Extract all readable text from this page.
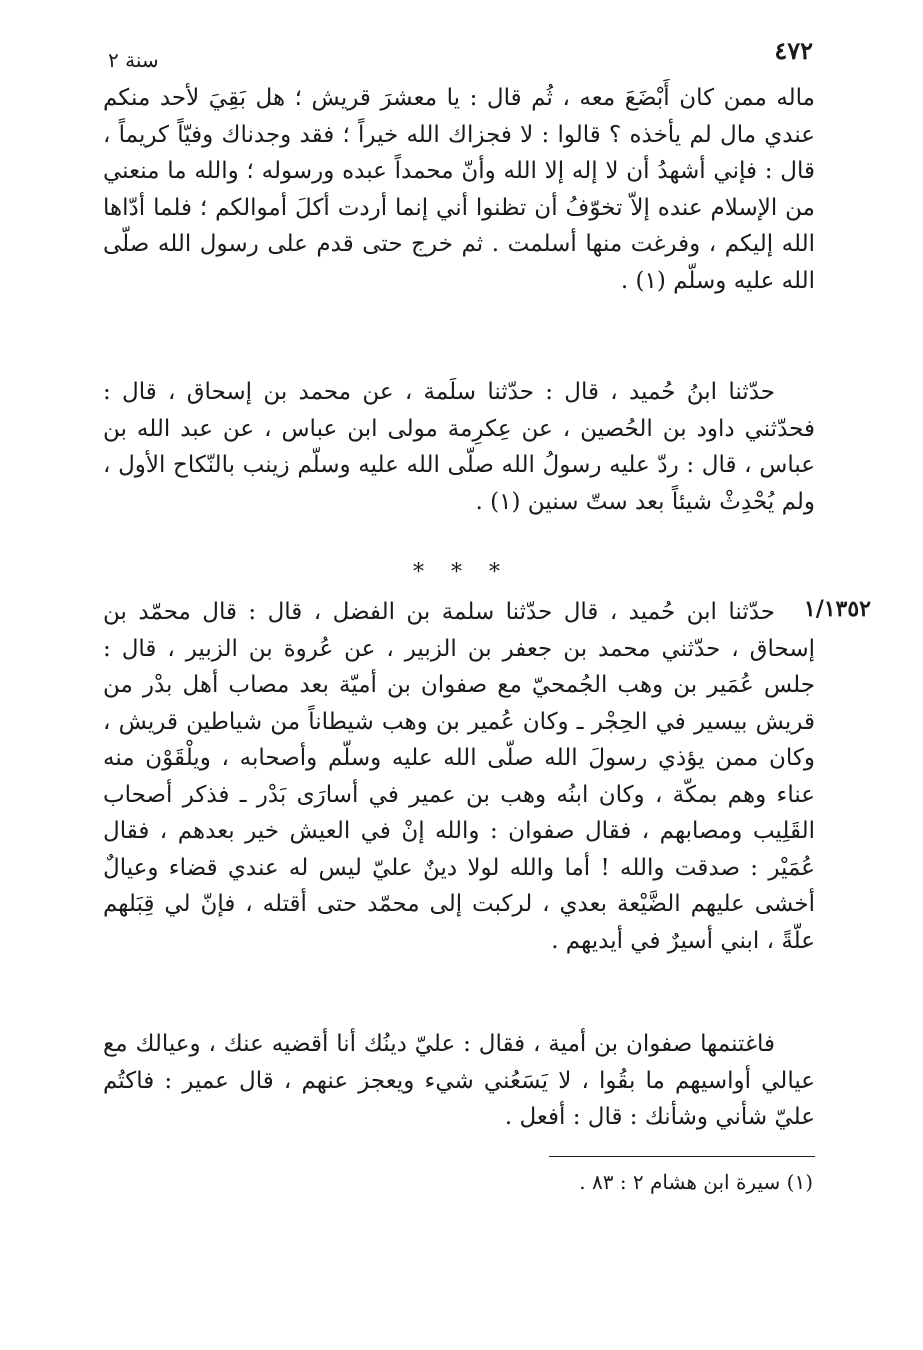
٤٧٢
سنة ٢

ماله ممن كان أَبْضَعَ معه ، ثُم قال : يا معشرَ قريش ؛ هل بَقِيَ لأحد منكم عندي مال لم يأخذه ؟ قالوا : لا فجزاك الله خيراً ؛ فقد وجدناك وفيّاً كريماً ، قال : فإني أشهدُ أن لا إله إلا الله وأنّ محمداً عبده ورسوله ؛ والله ما منعني من الإسلام عنده إلاّ تخوّفُ أن تظنوا أني إنما أردت أكلَ أموالكم ؛ فلما أدّاها الله إليكم ، وفرغت منها أسلمت . ثم خرج حتى قدم على رسول الله صلّى الله عليه وسلّم (١) .

حدّثنا ابنُ حُميد ، قال : حدّثنا سلَمة ، عن محمد بن إسحاق ، قال : فحدّثني داود بن الحُصين ، عن عِكرِمة مولى ابن عباس ، عن عبد الله بن عباس ، قال : ردّ عليه رسولُ الله صلّى الله عليه وسلّم زينب بالنّكاح الأول ، ولم يُحْدِثْ شيئاً بعد ستّ سنين (١) .

* * *
١/١٣٥٢

حدّثنا ابن حُميد ، قال حدّثنا سلمة بن الفضل ، قال : قال محمّد بن إسحاق ، حدّثني محمد بن جعفر بن الزبير ، عن عُروة بن الزبير ، قال : جلس عُمَير بن وهب الجُمحيّ مع صفوان بن أميّة بعد مصاب أهل بدْر من قريش بيسير في الحِجْر ـ وكان عُمير بن وهب شيطاناً من شياطين قريش ، وكان ممن يؤذي رسولَ الله صلّى الله عليه وسلّم وأصحابه ، ويلْقَوْن منه عناء وهم بمكّة ، وكان ابنُه وهب بن عمير في أسارَى بَدْر ـ فذكر أصحاب القَلِيب ومصابهم ، فقال صفوان : والله إنْ في العيش خير بعدهم ، فقال عُمَيْر : صدقت والله ! أما والله لولا دينٌ عليّ ليس له عندي قضاء وعيالٌ أخشى عليهم الضَّيْعة بعدي ، لركبت إلى محمّد حتى أقتله ، فإنّ لي قِبَلهم علّةً ، ابني أسيرٌ في أيديهم .

فاغتنمها صفوان بن أمية ، فقال : عليّ دينُك أنا أقضيه عنك ، وعيالك مع عيالي أواسيهم ما بقُوا ، لا يَسَعُني شيء ويعجز عنهم ، قال عمير : فاكتُم عليّ شأني وشأنك : قال : أفعل .

(١) سيرة ابن هشام ٢ : ٨٣ .
